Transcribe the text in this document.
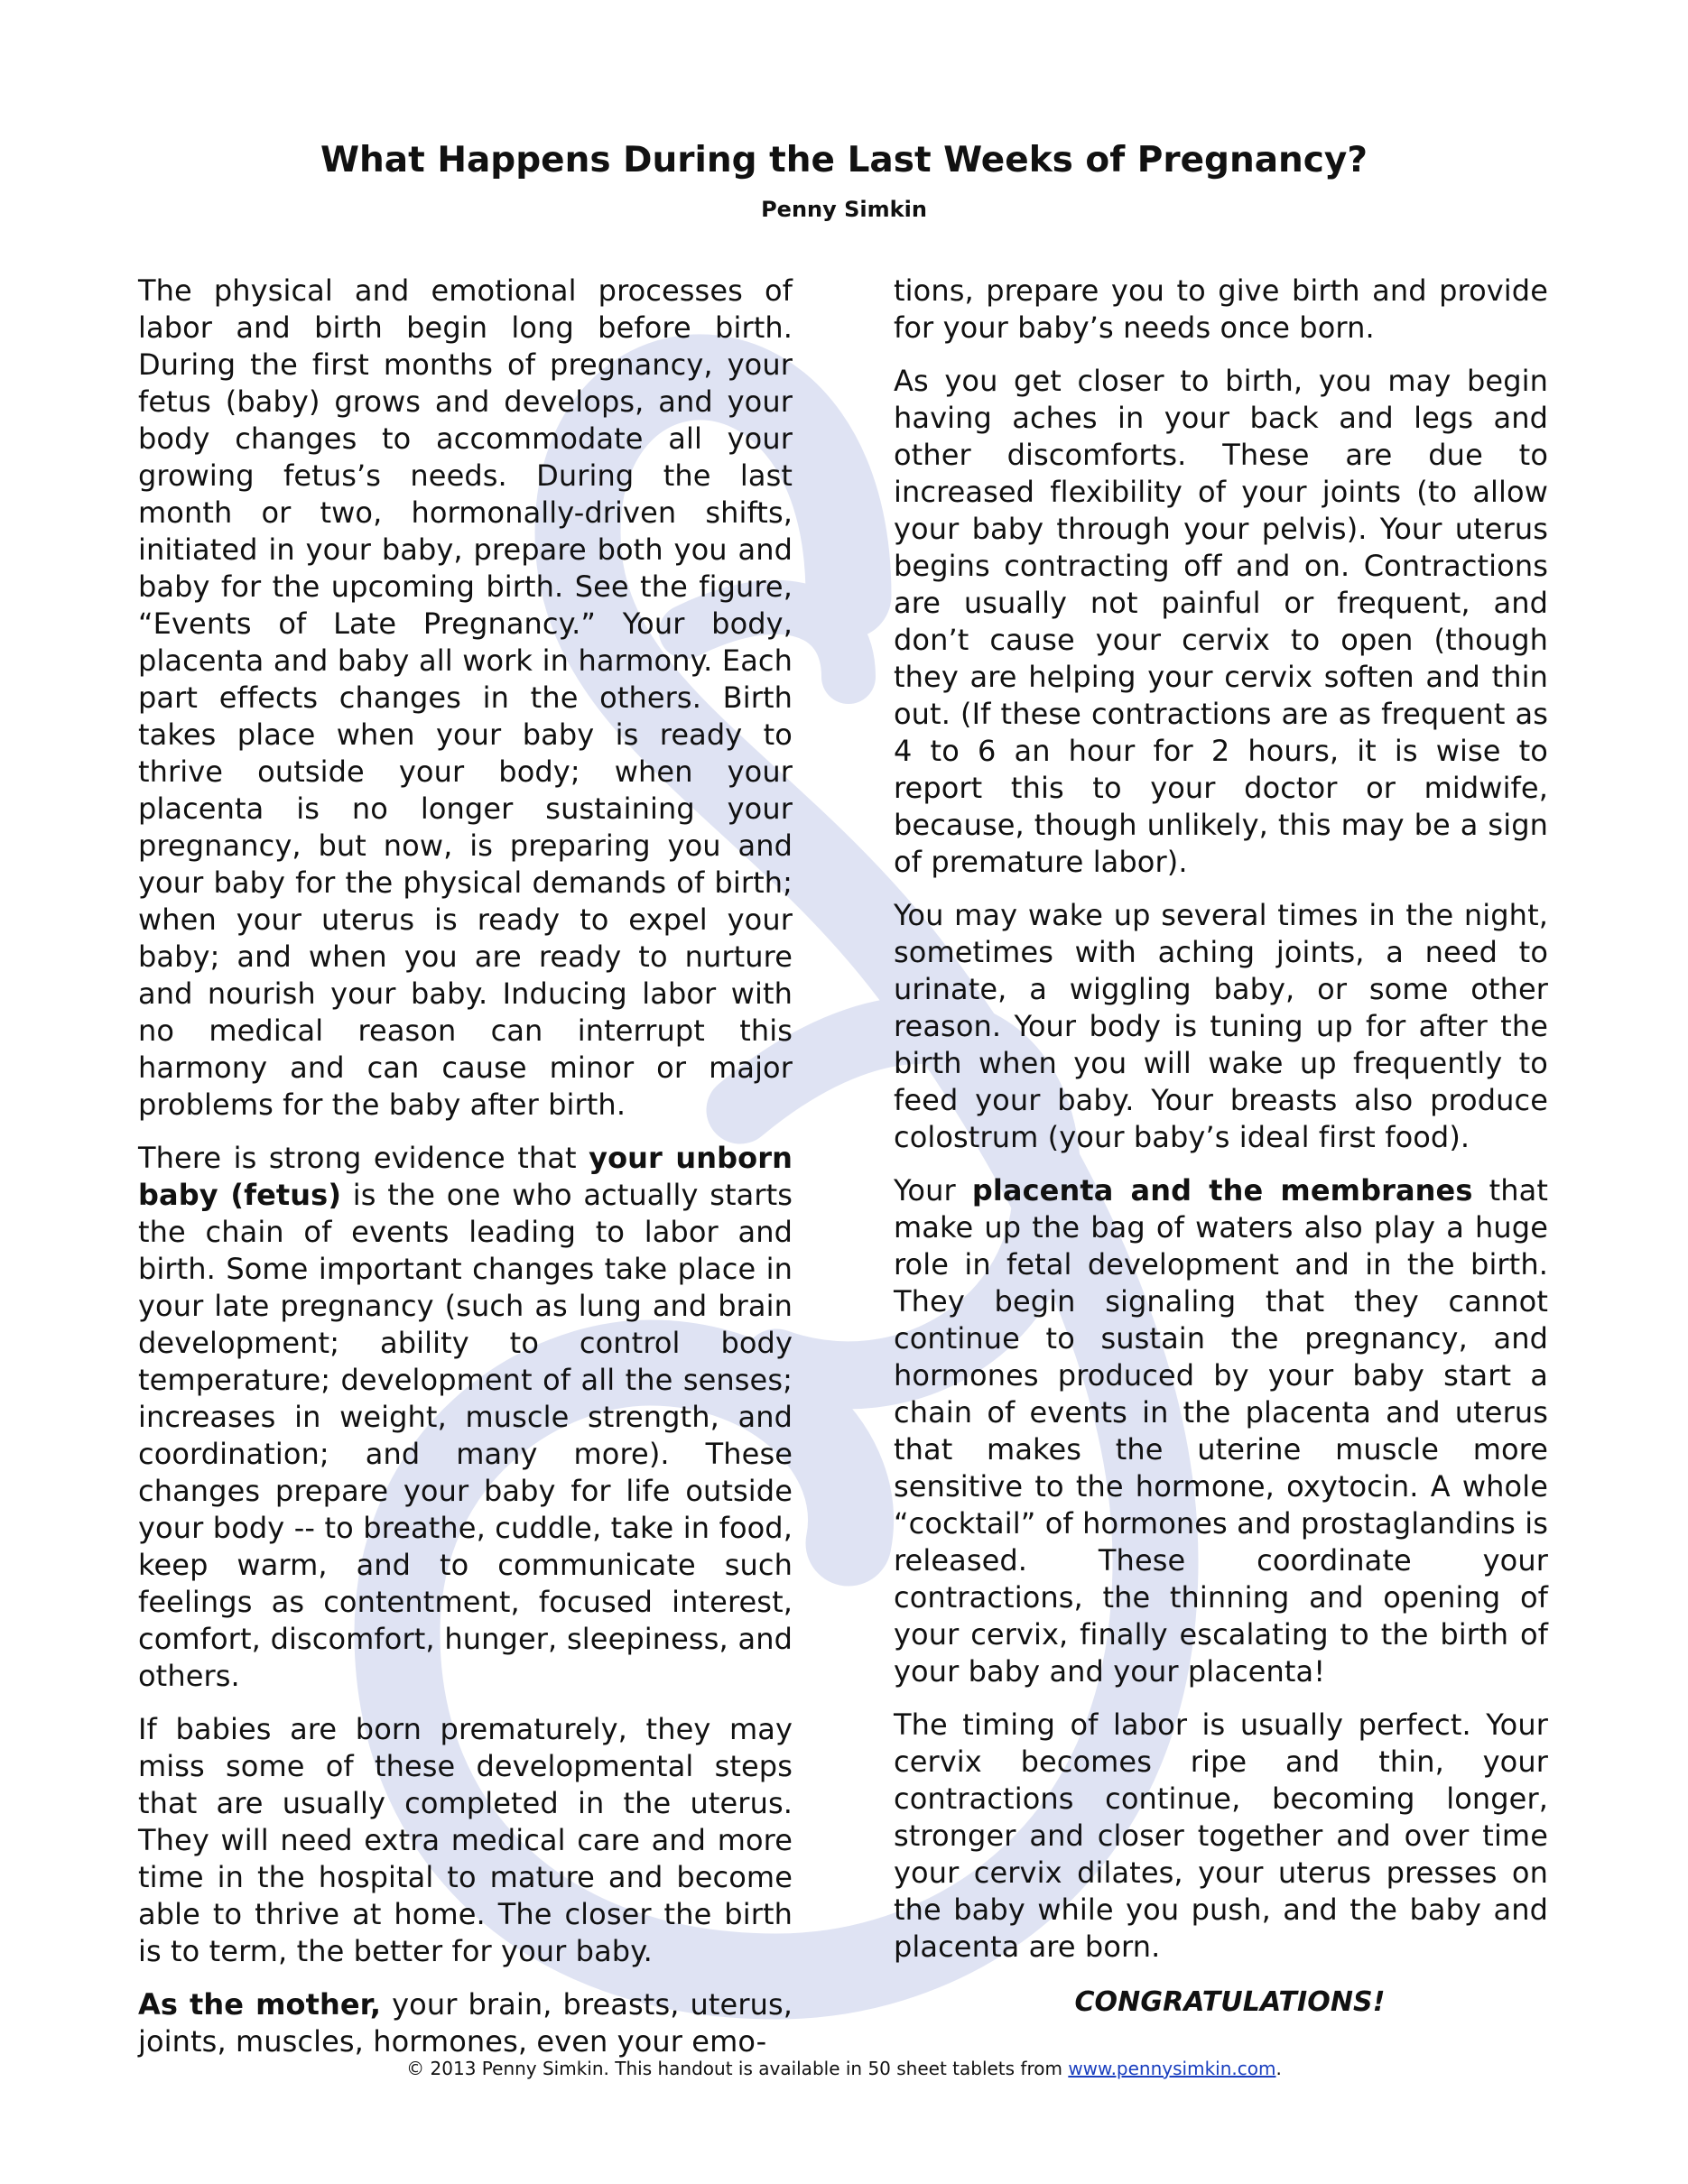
What Happens During the Last Weeks of Pregnancy?
Penny Simkin

The physical and emotional processes of labor and birth begin long before birth. During the first months of pregnancy, your fetus (baby) grows and develops, and your body changes to accommodate all your growing fetus’s needs. During the last month or two, hormonally-driven shifts, initiated in your baby, prepare both you and baby for the upcoming birth. See the figure, “Events of Late Pregnancy.” Your body, placenta and baby all work in harmony. Each part effects changes in the others. Birth takes place when your baby is ready to thrive outside your body; when your placenta is no longer sustaining your pregnancy, but now, is preparing you and your baby for the physical demands of birth; when your uterus is ready to expel your baby; and when you are ready to nurture and nourish your baby. Inducing labor with no medical reason can interrupt this harmony and can cause minor or major problems for the baby after birth.

There is strong evidence that your unborn baby (fetus) is the one who actually starts the chain of events leading to labor and birth. Some important changes take place in your late pregnancy (such as lung and brain development; ability to control body temperature; development of all the senses; increases in weight, muscle strength, and coordination; and many more). These changes prepare your baby for life outside your body -- to breathe, cuddle, take in food, keep warm, and to communicate such feelings as contentment, focused interest, comfort, discomfort, hunger, sleepiness, and others.

If babies are born prematurely, they may miss some of these developmental steps that are usually completed in the uterus. They will need extra medical care and more time in the hospital to mature and become able to thrive at home. The closer the birth is to term, the better for your baby.

As the mother, your brain, breasts, uterus, joints, muscles, hormones, even your emo-

tions, prepare you to give birth and provide for your baby’s needs once born.

As you get closer to birth, you may begin having aches in your back and legs and other discomforts. These are due to increased flexibility of your joints (to allow your baby through your pelvis). Your uterus begins contracting off and on. Contractions are usually not painful or frequent, and don’t cause your cervix to open (though they are helping your cervix soften and thin out. (If these contractions are as frequent as 4 to 6 an hour for 2 hours, it is wise to report this to your doctor or midwife, because, though unlikely, this may be a sign of premature labor).

You may wake up several times in the night, sometimes with aching joints, a need to urinate, a wiggling baby, or some other reason. Your body is tuning up for after the birth when you will wake up frequently to feed your baby. Your breasts also produce colostrum (your baby’s ideal first food).

Your placenta and the membranes that make up the bag of waters also play a huge role in fetal development and in the birth. They begin signaling that they cannot continue to sustain the pregnancy, and hormones produced by your baby start a chain of events in the placenta and uterus that makes the uterine muscle more sensitive to the hormone, oxytocin. A whole “cocktail” of hormones and prostaglandins is released. These coordinate your contractions, the thinning and opening of your cervix, finally escalating to the birth of your baby and your placenta!

The timing of labor is usually perfect. Your cervix becomes ripe and thin, your contractions continue, becoming longer, stronger and closer together and over time your cervix dilates, your uterus presses on the baby while you push, and the baby and placenta are born.

CONGRATULATIONS!
© 2013 Penny Simkin. This handout is available in 50 sheet tablets from www.pennysimkin.com.
